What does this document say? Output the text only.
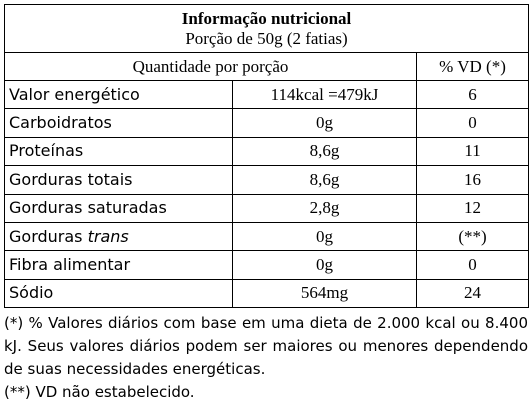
Informação nutricional
Porção de 50g (2 fatias)		

Quantidade por porção		% VD (*)
Valor energético	114kcal =479kJ	6
Carboidratos	0g	0
Proteínas	8,6g	11
Gorduras totais	8,6g	16
Gorduras saturadas	2,8g	12
Gorduras trans	0g	(**)
Fibra alimentar	0g	0
Sódio	564mg	24

(*) % Valores diários com base em uma dieta de 2.000 kcal ou 8.400 kJ. Seus valores diários podem ser maiores ou menores dependendo de suas necessidades energéticas.

(**) VD não estabelecido.
